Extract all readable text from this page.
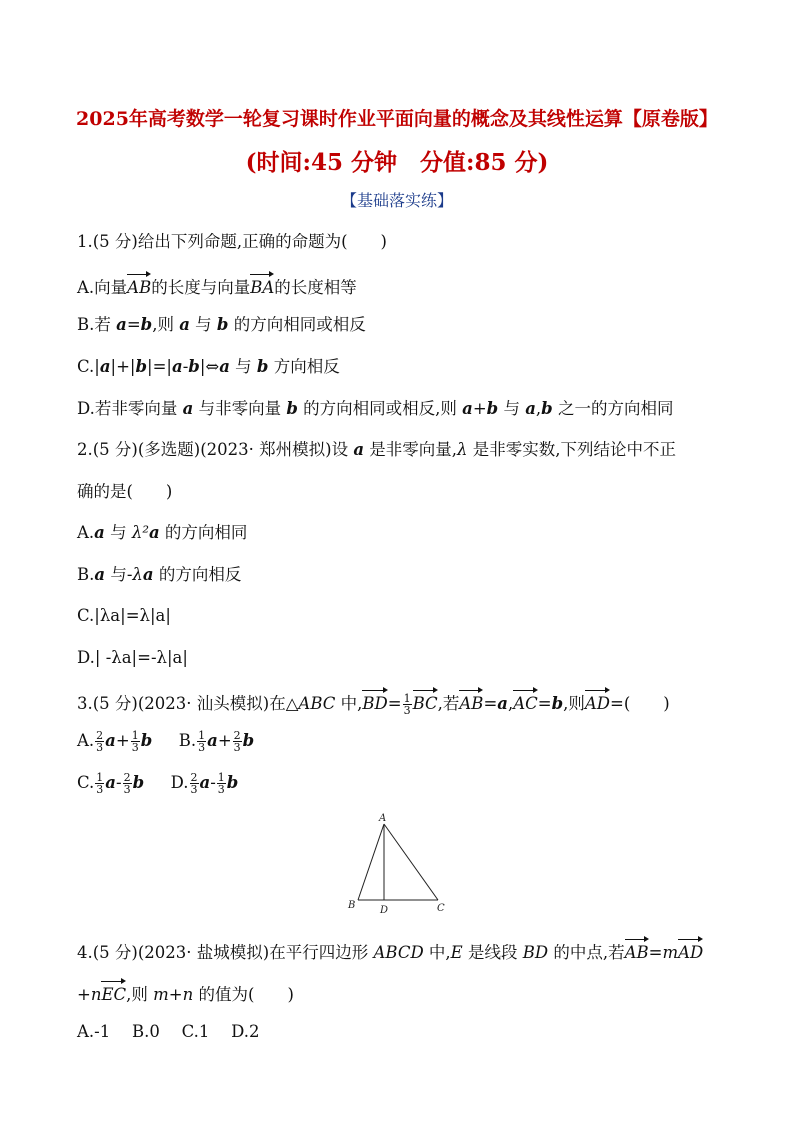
2025年高考数学一轮复习课时作业平面向量的概念及其线性运算【原卷版】
(时间:45 分钟　分值:85 分)
【基础落实练】
1.(5 分)给出下列命题,正确的命题为(　　)
A.向量AB的长度与向量BA的长度相等
B.若 a=b,则 a 与 b 的方向相同或相反
C.|a|+|b|=|a-b|⇔a 与 b 方向相反
D.若非零向量 a 与非零向量 b 的方向相同或相反,则 a+b 与 a,b 之一的方向相同
2.(5 分)(多选题)(2023· 郑州模拟)设 a 是非零向量,λ 是非零实数,下列结论中不正
确的是(　　)
A.a 与 λ²a 的方向相同
B.a 与-λa 的方向相反
C.|λa|=λ|a|
D.| -λa|=-λ|a|
3.(5 分)(2023· 汕头模拟)在△ABC 中$,BD= \frac{1}{3}$ BC,若AB=a,AC=b,则AD=(　　)
A. $\frac{2}{3} a+ \frac{1}{3}$ b B. $\frac{1}{3} a+ \frac{2}{3}$ b
C. $\frac{1}{3} a- \frac{2}{3}$ b D. $\frac{2}{3} a- \frac{1}{3}$ b
A
B	C
D
4.(5 分)(2023· 盐城模拟)在平行四边形 ABCD 中,E 是线段 BD 的中点,若AB=mAD
+nEC,则 m+n 的值为(　　)
A.-1　 B.0　 C.1　 D.2
